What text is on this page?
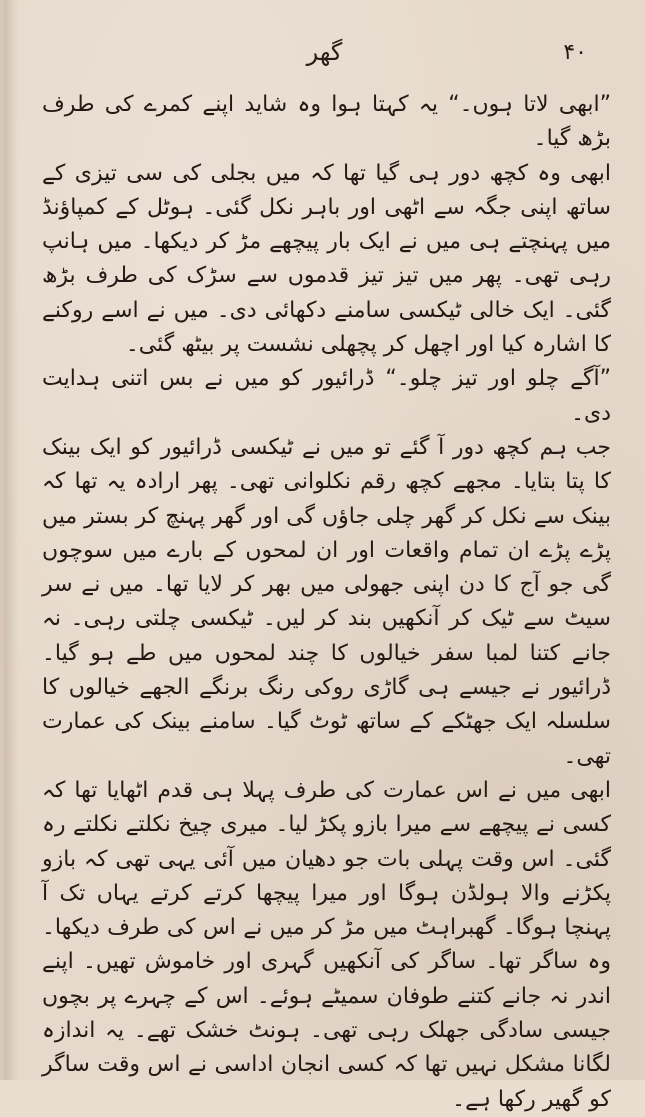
گھر	۴۰

”ابھی لاتا ہوں۔“ یہ کہتا ہوا وہ شاید اپنے کمرے کی طرف بڑھ گیا۔

ابھی وہ کچھ دور ہی گیا تھا کہ میں بجلی کی سی تیزی کے ساتھ اپنی جگہ سے اٹھی اور باہر نکل گئی۔ ہوٹل کے کمپاؤنڈ میں پہنچتے ہی میں نے ایک بار پیچھے مڑ کر دیکھا۔ میں ہانپ رہی تھی۔ پھر میں تیز تیز قدموں سے سڑک کی طرف بڑھ گئی۔ ایک خالی ٹیکسی سامنے دکھائی دی۔ میں نے اسے روکنے کا اشارہ کیا اور اچھل کر پچھلی نشست پر بیٹھ گئی۔

”آگے چلو اور تیز چلو۔“ ڈرائیور کو میں نے بس اتنی ہدایت دی۔

جب ہم کچھ دور آ گئے تو میں نے ٹیکسی ڈرائیور کو ایک بینک کا پتا بتایا۔ مجھے کچھ رقم نکلوانی تھی۔ پھر ارادہ یہ تھا کہ بینک سے نکل کر گھر چلی جاؤں گی اور گھر پہنچ کر بستر میں پڑے پڑے ان تمام واقعات اور ان لمحوں کے بارے میں سوچوں گی جو آج کا دن اپنی جھولی میں بھر کر لایا تھا۔ میں نے سر سیٹ سے ٹیک کر آنکھیں بند کر لیں۔ ٹیکسی چلتی رہی۔ نہ جانے کتنا لمبا سفر خیالوں کا چند لمحوں میں طے ہو گیا۔ ڈرائیور نے جیسے ہی گاڑی روکی رنگ برنگے الجھے خیالوں کا سلسلہ ایک جھٹکے کے ساتھ ٹوٹ گیا۔ سامنے بینک کی عمارت تھی۔

ابھی میں نے اس عمارت کی طرف پہلا ہی قدم اٹھایا تھا کہ کسی نے پیچھے سے میرا بازو پکڑ لیا۔ میری چیخ نکلتے نکلتے رہ گئی۔ اس وقت پہلی بات جو دھیان میں آئی یہی تھی کہ بازو پکڑنے والا ہولڈن ہوگا اور میرا پیچھا کرتے کرتے یہاں تک آ پہنچا ہوگا۔ گھبراہٹ میں مڑ کر میں نے اس کی طرف دیکھا۔ وہ ساگر تھا۔ ساگر کی آنکھیں گہری اور خاموش تھیں۔ اپنے اندر نہ جانے کتنے طوفان سمیٹے ہوئے۔ اس کے چہرے پر بچوں جیسی سادگی جھلک رہی تھی۔ ہونٹ خشک تھے۔ یہ اندازہ لگانا مشکل نہیں تھا کہ کسی انجان اداسی نے اس وقت ساگر کو گھیر رکھا ہے۔
